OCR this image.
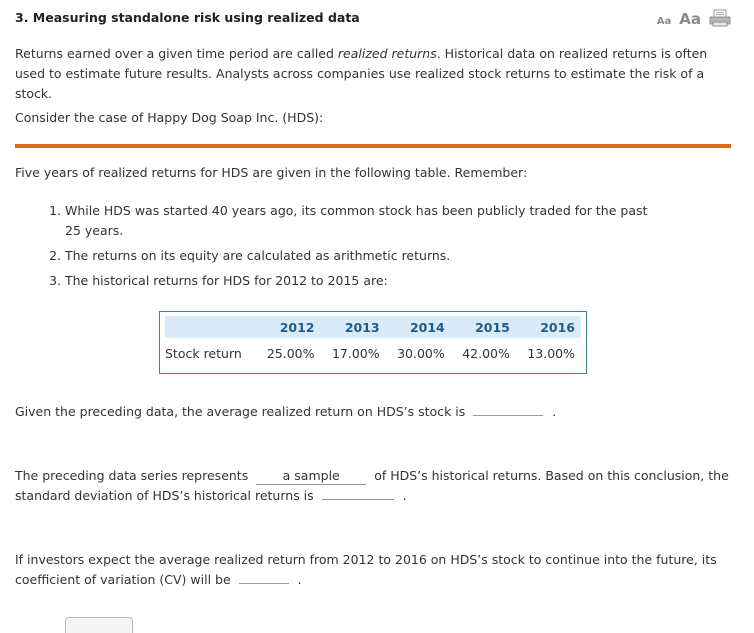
3. Measuring standalone risk using realized data	Aa Aa
Returns earned over a given time period are called realized returns. Historical data on realized returns is often used to estimate future results. Analysts across companies use realized stock returns to estimate the risk of a stock.
Consider the case of Happy Dog Soap Inc. (HDS):
Five years of realized returns for HDS are given in the following table. Remember:
1. While HDS was started 40 years ago, its common stock has been publicly traded for the past 25 years.
2. The returns on its equity are calculated as arithmetic returns.
3. The historical returns for HDS for 2012 to 2015 are:
	2012	2013	2014	2015	2016
Stock return	25.00%	17.00%	30.00%	42.00%	13.00%
Given the preceding data, the average realized return on HDS’s stock is	.
The preceding data series represents	a sample	of HDS’s historical returns. Based on this conclusion, the standard deviation of HDS’s historical returns is	.
If investors expect the average realized return from 2012 to 2016 on HDS’s stock to continue into the future, its coefficient of variation (CV) will be	.
